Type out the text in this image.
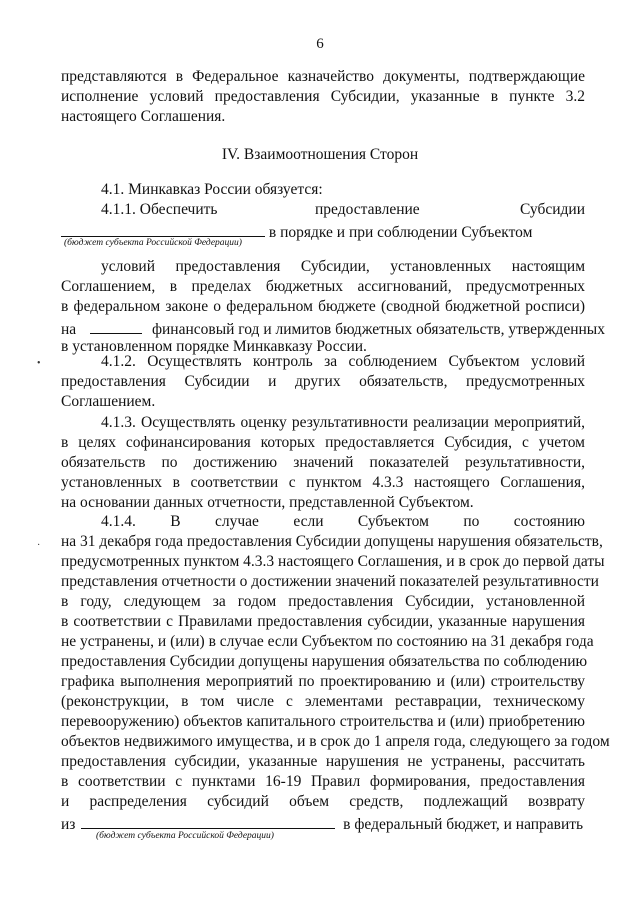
6
представляются в Федеральное казначейство документы, подтверждающие
исполнение условий предоставления Субсидии, указанные в пункте 3.2
настоящего Соглашения.
IV. Взаимоотношения Сторон
4.1. Минкавказ России обязуется:
4.1.1. Обеспечить	предоставление	Субсидии
в порядке и при соблюдении Субъектом
(бюджет субъекта Российской Федерации)
условий предоставления Субсидии, установленных настоящим
Соглашением, в пределах бюджетных ассигнований, предусмотренных
в федеральном законе о федеральном бюджете (сводной бюджетной росписи)
на	финансовый год и лимитов бюджетных обязательств, утвержденных
в установленном порядке Минкавказу России.
4.1.2. Осуществлять контроль за соблюдением Субъектом условий
предоставления Субсидии и других обязательств, предусмотренных
Соглашением.
4.1.3. Осуществлять оценку результативности реализации мероприятий,
в целях софинансирования которых предоставляется Субсидия, с учетом
обязательств по достижению значений показателей результативности,
установленных в соответствии с пунктом 4.3.3 настоящего Соглашения,
на основании данных отчетности, представленной Субъектом.
4.1.4. В случае если Субъектом по состоянию
на 31 декабря года предоставления Субсидии допущены нарушения обязательств,
предусмотренных пунктом 4.3.3 настоящего Соглашения, и в срок до первой даты
представления отчетности о достижении значений показателей результативности
в году, следующем за годом предоставления Субсидии, установленной
в соответствии с Правилами предоставления субсидии, указанные нарушения
не устранены, и (или) в случае если Субъектом по состоянию на 31 декабря года
предоставления Субсидии допущены нарушения обязательства по соблюдению
графика выполнения мероприятий по проектированию и (или) строительству
(реконструкции, в том числе с элементами реставрации, техническому
перевооружению) объектов капитального строительства и (или) приобретению
объектов недвижимого имущества, и в срок до 1 апреля года, следующего за годом
предоставления субсидии, указанные нарушения не устранены, рассчитать
в соответствии с пунктами 16-19 Правил формирования, предоставления
и распределения субсидий объем средств, подлежащий возврату
из	в федеральный бюджет, и направить
(бюджет субъекта Российской Федерации)
•
·
